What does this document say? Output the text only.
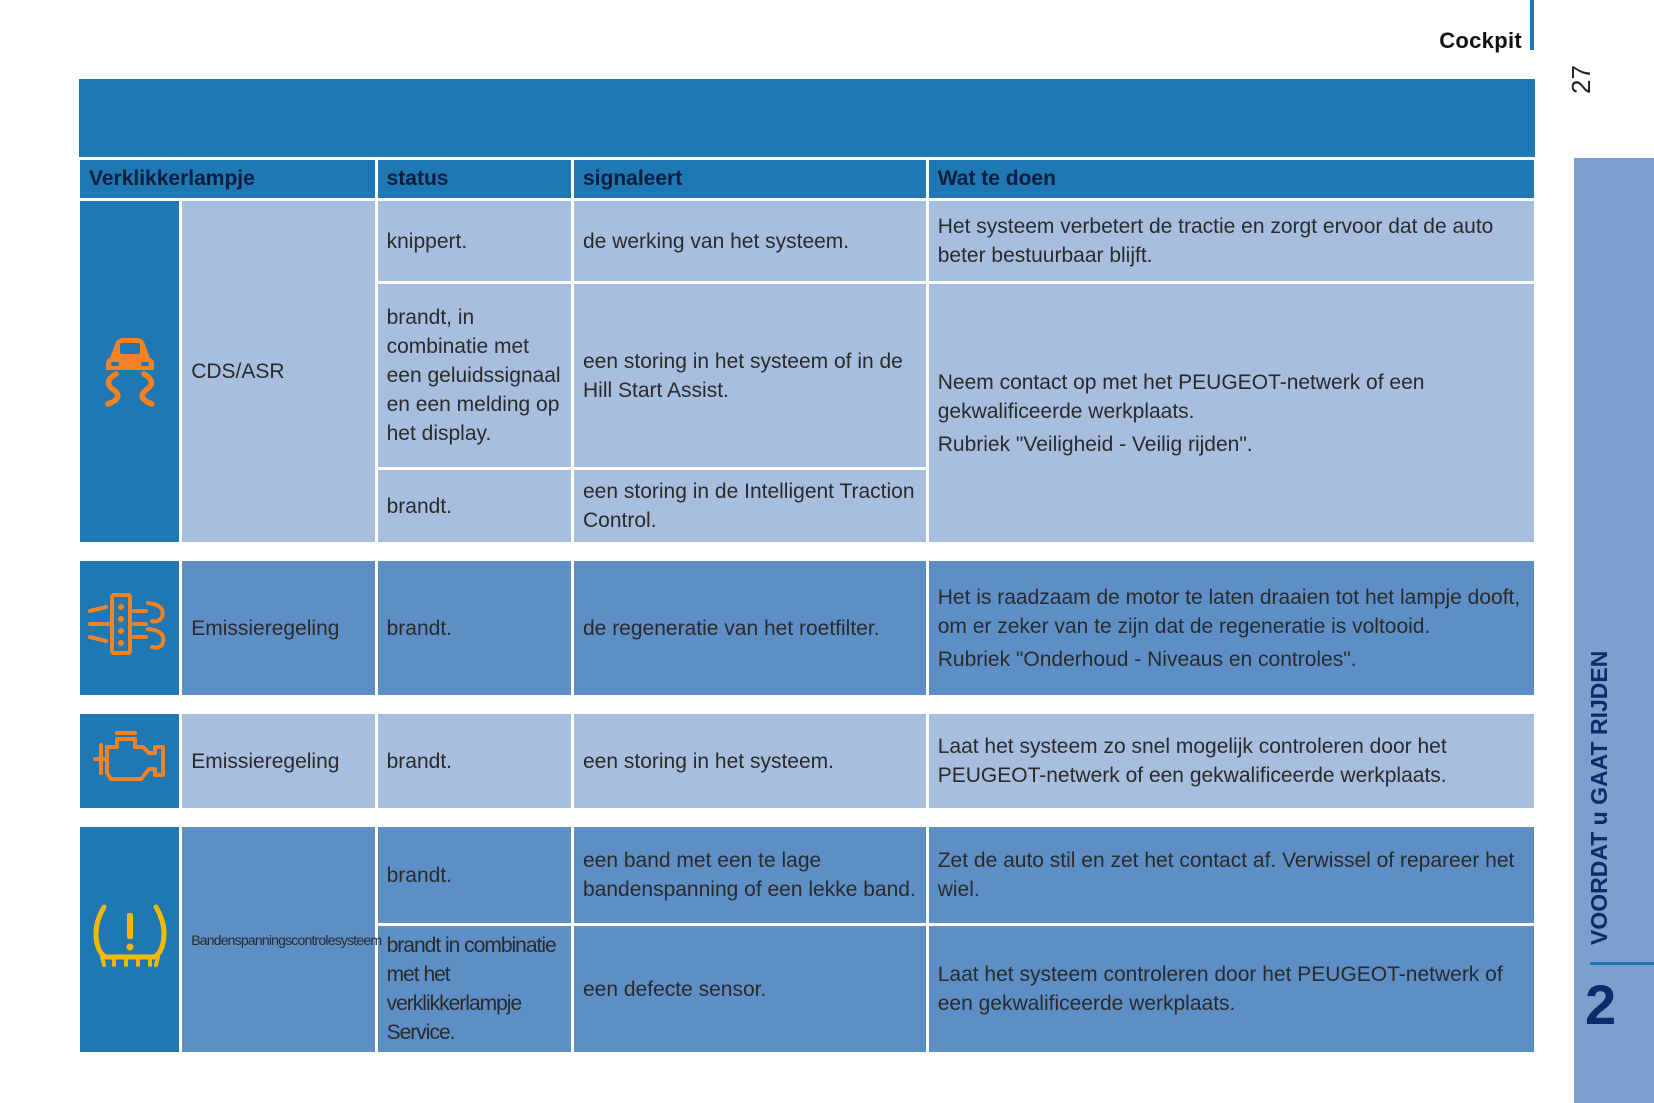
Cockpit
27
VOORDAT u GAAT RIJDEN
2
Verklikkerlampje		status	signaleert	Wat te doen
	CDS/ASR	knippert.	de werking van het systeem.	Het systeem verbetert de tractie en zorgt ervoor dat de auto beter bestuurbaar blijft.
		brandt, in combinatie met een geluidssignaal en een melding op het display.	een storing in het systeem of in de Hill Start Assist.	Neem contact op met het PEUGEOT-netwerk of een gekwalificeerde werkplaats.

Rubriek "Veiligheid - Veilig rijden".

		brandt.	een storing in de Intelligent Traction Control.	

	Emissieregeling	brandt.	de regeneratie van het roetfilter.	Het is raadzaam de motor te laten draaien tot het lampje dooft, om er zeker van te zijn dat de regeneratie is voltooid.

Rubriek "Onderhoud - Niveaus en controles".

	Emissieregeling	brandt.	een storing in het systeem.	Laat het systeem zo snel mogelijk controleren door het PEUGEOT-netwerk of een gekwalificeerde werkplaats.

	Bandenspanningscontrolesysteem	brandt.	een band met een te lage bandenspanning of een lekke band.	Zet de auto stil en zet het contact af. Verwissel of repareer het wiel.
		brandt in combinatie met het verklikkerlampje Service.	een defecte sensor.	Laat het systeem controleren door het PEUGEOT-netwerk of een gekwalificeerde werkplaats.
